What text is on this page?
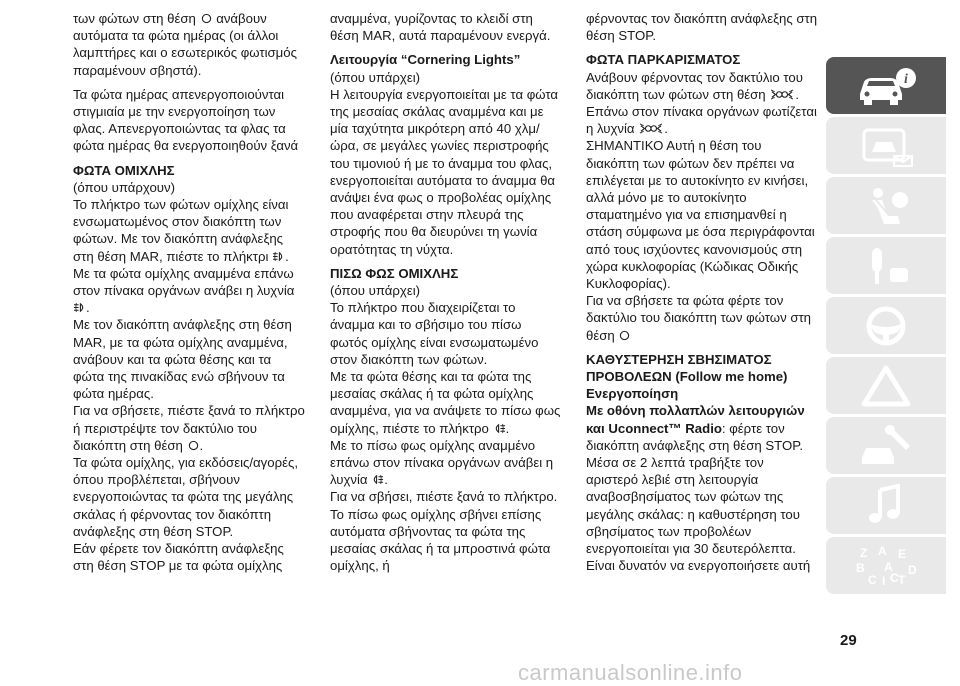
των φώτων στη θέση ανάβουν αυτόματα τα φώτα ημέρας (οι άλλοι λαμπτήρες και ο εσωτερικός φωτισμός παραμένουν σβηστά).

Τα φώτα ημέρας απενεργοποιούνται στιγμιαία με την ενεργοποίηση των φλας. Απενεργοποιώντας τα φλας τα φώτα ημέρας θα ενεργοποιηθούν ξανά

ΦΩΤΑ ΟΜΙΧΛΗΣ

(όπου υπάρχουν)

Το πλήκτρο των φώτων ομίχλης είναι ενσωματωμένος στον διακόπτη των φώτων. Με τον διακόπτη ανάφλεξης στη θέση MAR, πιέστε το πλήκτρι .

Με τα φώτα ομίχλης αναμμένα επάνω στον πίνακα οργάνων ανάβει η λυχνία
.

Με τον διακόπτη ανάφλεξης στη θέση MAR, με τα φώτα ομίχλης αναμμένα, ανάβουν και τα φώτα θέσης και τα φώτα της πινακίδας ενώ σβήνουν τα φώτα ημέρας.

Για να σβήσετε, πιέστε ξανά το πλήκτρο ή περιστρέψτε τον δακτύλιο του διακόπτη στη θέση .

Τα φώτα ομίχλης, για εκδόσεις/αγορές, όπου προβλέπεται, σβήνουν ενεργοποιώντας τα φώτα της μεγάλης σκάλας ή φέρνοντας τον διακόπτη ανάφλεξης στη θέση STOP.

Εάν φέρετε τον διακόπτη ανάφλεξης στη θέση STOP με τα φώτα ομίχλης

αναμμένα, γυρίζοντας το κλειδί στη θέση MAR, αυτά παραμένουν ενεργά.

Λειτουργία “Cornering Lights”

(όπου υπάρχει)

Η λειτουργία ενεργοποιείται με τα φώτα της μεσαίας σκάλας αναμμένα και με μία ταχύτητα μικρότερη από 40 χλμ/ώρα, σε μεγάλες γωνίες περιστροφής του τιμονιού ή με το άναμμα του φλας, ενεργοποιείται αυτόματα το άναμμα θα ανάψει ένα φως ο προβολέας ομίχλης που αναφέρεται στην πλευρά της στροφής που θα διευρύνει τη γωνία ορατότητας τη νύχτα.

ΠΙΣΩ ΦΩΣ ΟΜΙΧΛΗΣ

(όπου υπάρχει)

Το πλήκτρο που διαχειρίζεται το άναμμα και το σβήσιμο του πίσω φωτός ομίχλης είναι ενσωματωμένο στον διακόπτη των φώτων.

Με τα φώτα θέσης και τα φώτα της μεσαίας σκάλας ή τα φώτα ομίχλης αναμμένα, για να ανάψετε το πίσω φως ομίχλης, πιέστε το πλήκτρο .

Με το πίσω φως ομίχλης αναμμένο επάνω στον πίνακα οργάνων ανάβει η λυχνία .

Για να σβήσει, πιέστε ξανά το πλήκτρο. Το πίσω φως ομίχλης σβήνει επίσης αυτόματα σβήνοντας τα φώτα της μεσαίας σκάλας ή τα μπροστινά φώτα ομίχλης, ή

φέρνοντας τον διακόπτη ανάφλεξης στη θέση STOP.

ΦΩΤΑ ΠΑΡΚΑΡΙΣΜΑΤΟΣ

Ανάβουν φέρνοντας τον δακτύλιο του διακόπτη των φώτων στη θέση . Επάνω στον πίνακα οργάνων φωτίζεται η λυχνία .

ΣΗΜΑΝΤΙΚΟ Αυτή η θέση του διακόπτη των φώτων δεν πρέπει να επιλέγεται με το αυτοκίνητο εν κινήσει, αλλά μόνο με το αυτοκίνητο σταματημένο για να επισημανθεί η στάση σύμφωνα με όσα περιγράφονται από τους ισχύοντες κανονισμούς στη χώρα κυκλοφορίας (Κώδικας Οδικής Κυκλοφορίας).

Για να σβήσετε τα φώτα φέρτε τον δακτύλιο του διακόπτη των φώτων στη θέση

ΚΑΘΥΣΤΕΡΗΣΗ ΣΒΗΣΙΜΑΤΟΣ ΠΡΟΒΟΛΕΩΝ (Follow me home)
Ενεργοποίηση

Με οθόνη πολλαπλών λειτουργιών και Uconnect™ Radio: φέρτε τον διακόπτη ανάφλεξης στη θέση STOP. Μέσα σε 2 λεπτά τραβήξτε τον αριστερό λεβιέ στη λειτουργία αναβοσβησίματος των φώτων της μεγάλης σκάλας: η καθυστέρηση του σβησίματος των προβολέων ενεργοποιείται για 30 δευτερόλεπτα. Είναι δυνατόν να ενεργοποιήσετε αυτή

i
Z A E
B A
C I C T
D
29
carmanualsonline.info
